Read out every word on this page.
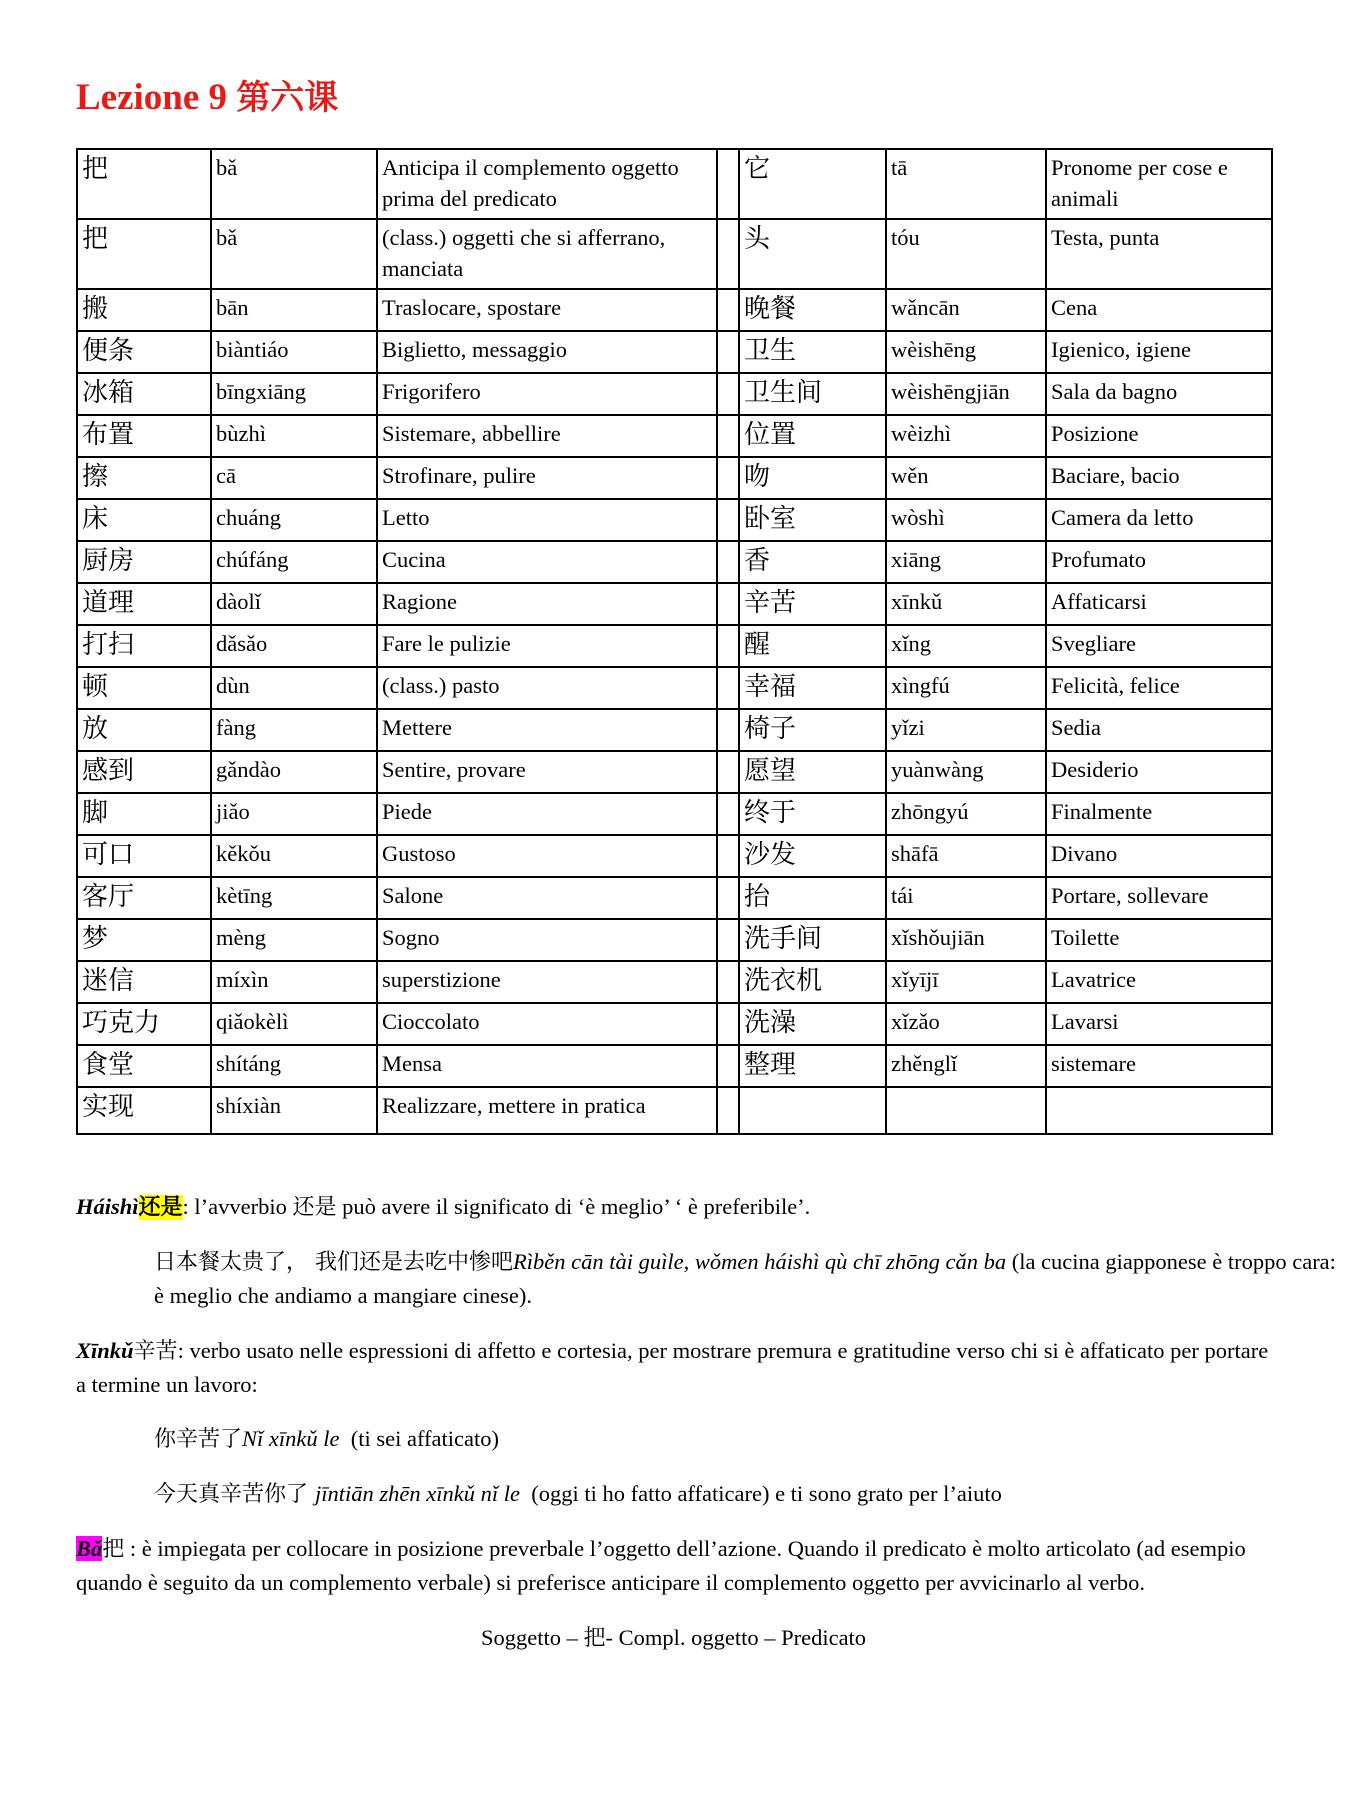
Lezione 9 第六课
把	bǎ	Anticipa il complemento oggetto prima del predicato		它	tā	Pronome per cose e animali
把	bǎ	(class.) oggetti che si afferrano, manciata		头	tóu	Testa, punta
搬	bān	Traslocare, spostare		晚餐	wǎncān	Cena
便条	biàntiáo	Biglietto, messaggio		卫生	wèishēng	Igienico, igiene
冰箱	bīngxiāng	Frigorifero		卫生间	wèishēngjiān	Sala da bagno
布置	bùzhì	Sistemare, abbellire		位置	wèizhì	Posizione
擦	cā	Strofinare, pulire		吻	wěn	Baciare, bacio
床	chuáng	Letto		卧室	wòshì	Camera da letto
厨房	chúfáng	Cucina		香	xiāng	Profumato
道理	dàolǐ	Ragione		辛苦	xīnkǔ	Affaticarsi
打扫	dǎsǎo	Fare le pulizie		醒	xǐng	Svegliare
顿	dùn	(class.) pasto		幸福	xìngfú	Felicità, felice
放	fàng	Mettere		椅子	yǐzi	Sedia
感到	gǎndào	Sentire, provare		愿望	yuànwàng	Desiderio
脚	jiǎo	Piede		终于	zhōngyú	Finalmente
可口	kěkǒu	Gustoso		沙发	shāfā	Divano
客厅	kètīng	Salone		抬	tái	Portare, sollevare
梦	mèng	Sogno		洗手间	xǐshǒujiān	Toilette
迷信	míxìn	superstizione		洗衣机	xǐyījī	Lavatrice
巧克力	qiǎokèlì	Cioccolato		洗澡	xǐzǎo	Lavarsi
食堂	shítáng	Mensa		整理	zhěnglǐ	sistemare
实现	shíxiàn	Realizzare, mettere in pratica				

Háishì还是: l’avverbio 还是 può avere il significato di ‘è meglio’ ‘ è preferibile’.

日本餐太贵了， 我们还是去吃中惨吧Rìběn cān tài guìle, wǒmen háishì qù chī zhōng cǎn ba (la cucina giapponese è troppo cara: è meglio che andiamo a mangiare cinese).

Xīnkǔ辛苦: verbo usato nelle espressioni di affetto e cortesia, per mostrare premura e gratitudine verso chi si è affaticato per portare a termine un lavoro:

你辛苦了Nǐ xīnkǔ le  (ti sei affaticato)

今天真辛苦你了 jīntiān zhēn xīnkǔ nǐ le  (oggi ti ho fatto affaticare) e ti sono grato per l’aiuto

Bǎ把 : è impiegata per collocare in posizione preverbale l’oggetto dell’azione. Quando il predicato è molto articolato (ad esempio quando è seguito da un complemento verbale) si preferisce anticipare il complemento oggetto per avvicinarlo al verbo.

Soggetto – 把- Compl. oggetto – Predicato
